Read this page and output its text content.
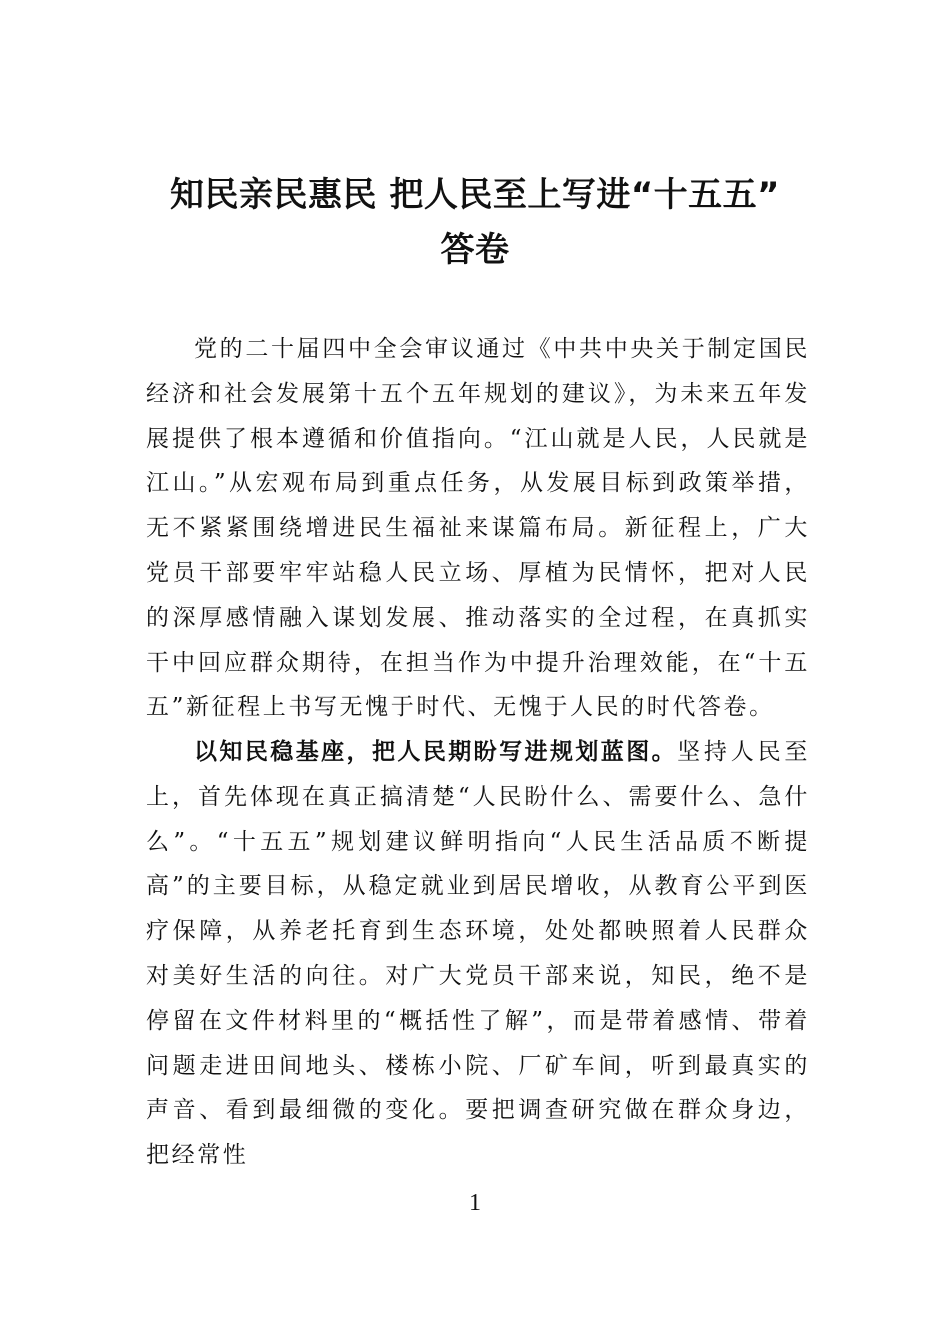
知民亲民惠民 把人民至上写进“十五五”
答卷

党的二十届四中全会审议通过《中共中央关于制定国民经济和社会发展第十五个五年规划的建议》，为未来五年发展提供了根本遵循和价值指向。“江山就是人民，人民就是江山。”从宏观布局到重点任务，从发展目标到政策举措，无不紧紧围绕增进民生福祉来谋篇布局。新征程上，广大党员干部要牢牢站稳人民立场、厚植为民情怀，把对人民的深厚感情融入谋划发展、推动落实的全过程，在真抓实干中回应群众期待，在担当作为中提升治理效能，在“十五五”新征程上书写无愧于时代、无愧于人民的时代答卷。

以知民稳基座，把人民期盼写进规划蓝图。坚持人民至上，首先体现在真正搞清楚“人民盼什么、需要什么、急什么”。“十五五”规划建议鲜明指向“人民生活品质不断提高”的主要目标，从稳定就业到居民增收，从教育公平到医疗保障，从养老托育到生态环境，处处都映照着人民群众对美好生活的向往。对广大党员干部来说，知民，绝不是停留在文件材料里的“概括性了解”，而是带着感情、带着问题走进田间地头、楼栋小院、厂矿车间，听到最真实的声音、看到最细微的变化。要把调查研究做在群众身边，把经常性

1
